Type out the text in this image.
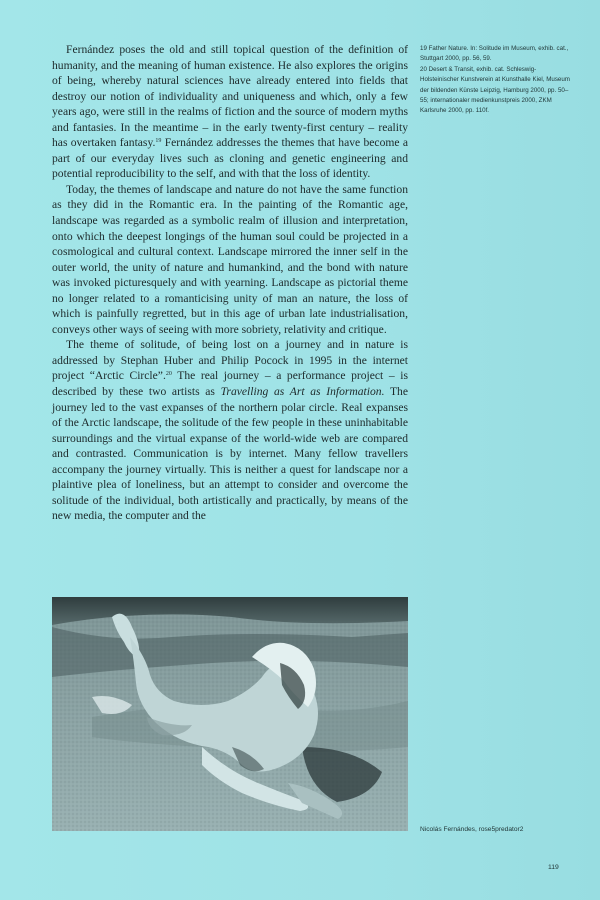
Fernández poses the old and still topical question of the definition of humanity, and the meaning of human existence. He also explores the origins of being, whereby natural sciences have already entered into fields that destroy our notion of individuality and uniqueness and which, only a few years ago, were still in the realms of fiction and the source of modern myths and fantasies. In the meantime – in the early twenty-first century – reality has overtaken fantasy.$^{19}$ Fernández addresses the themes that have become a part of our everyday lives such as cloning and genetic engineering and potential reproducibility to the self, and with that the loss of identity.

Today, the themes of landscape and nature do not have the same function as they did in the Romantic era. In the painting of the Romantic age, landscape was regarded as a symbolic realm of illusion and interpretation, onto which the deepest longings of the human soul could be projected in a cosmological and cultural context. Landscape mirrored the inner self in the outer world, the unity of nature and humankind, and the bond with nature was invoked picturesquely and with yearning. Landscape as pictorial theme no longer related to a romanticising unity of man an nature, the loss of which is painfully regretted, but in this age of urban late industrialisation, conveys other ways of seeing with more sobriety, relativity and critique.

The theme of solitude, of being lost on a journey and in nature is addressed by Stephan Huber and Philip Pocock in 1995 in the internet project “Arctic Circle”.$^{20}$ The real journey – a performance project – is described by these two artists as Travelling as Art as Information. The journey led to the vast expanses of the northern polar circle. Real expanses of the Arctic landscape, the solitude of the few people in these uninhabitable surroundings and the virtual expanse of the world-wide web are compared and contrasted. Communication is by internet. Many fellow travellers accompany the journey virtually. This is neither a quest for landscape nor a plaintive plea of loneliness, but an attempt to consider and overcome the solitude of the individual, both artistically and practically, by means of the new media, the computer and the

19 Father Nature. In: Solitude im Museum, exhib. cat., Stuttgart 2000, pp. 56, 59.
20 Desert & Transit, exhib. cat. Schleswig-Holsteinischer Kunstverein at Kunsthalle Kiel, Museum der bildenden Künste Leipzig, Hamburg 2000, pp. 50–55; internationaler medienkunstpreis 2000, ZKM Karlsruhe 2000, pp. 110f.
Nicolás Fernándes, rose5predator2
119
